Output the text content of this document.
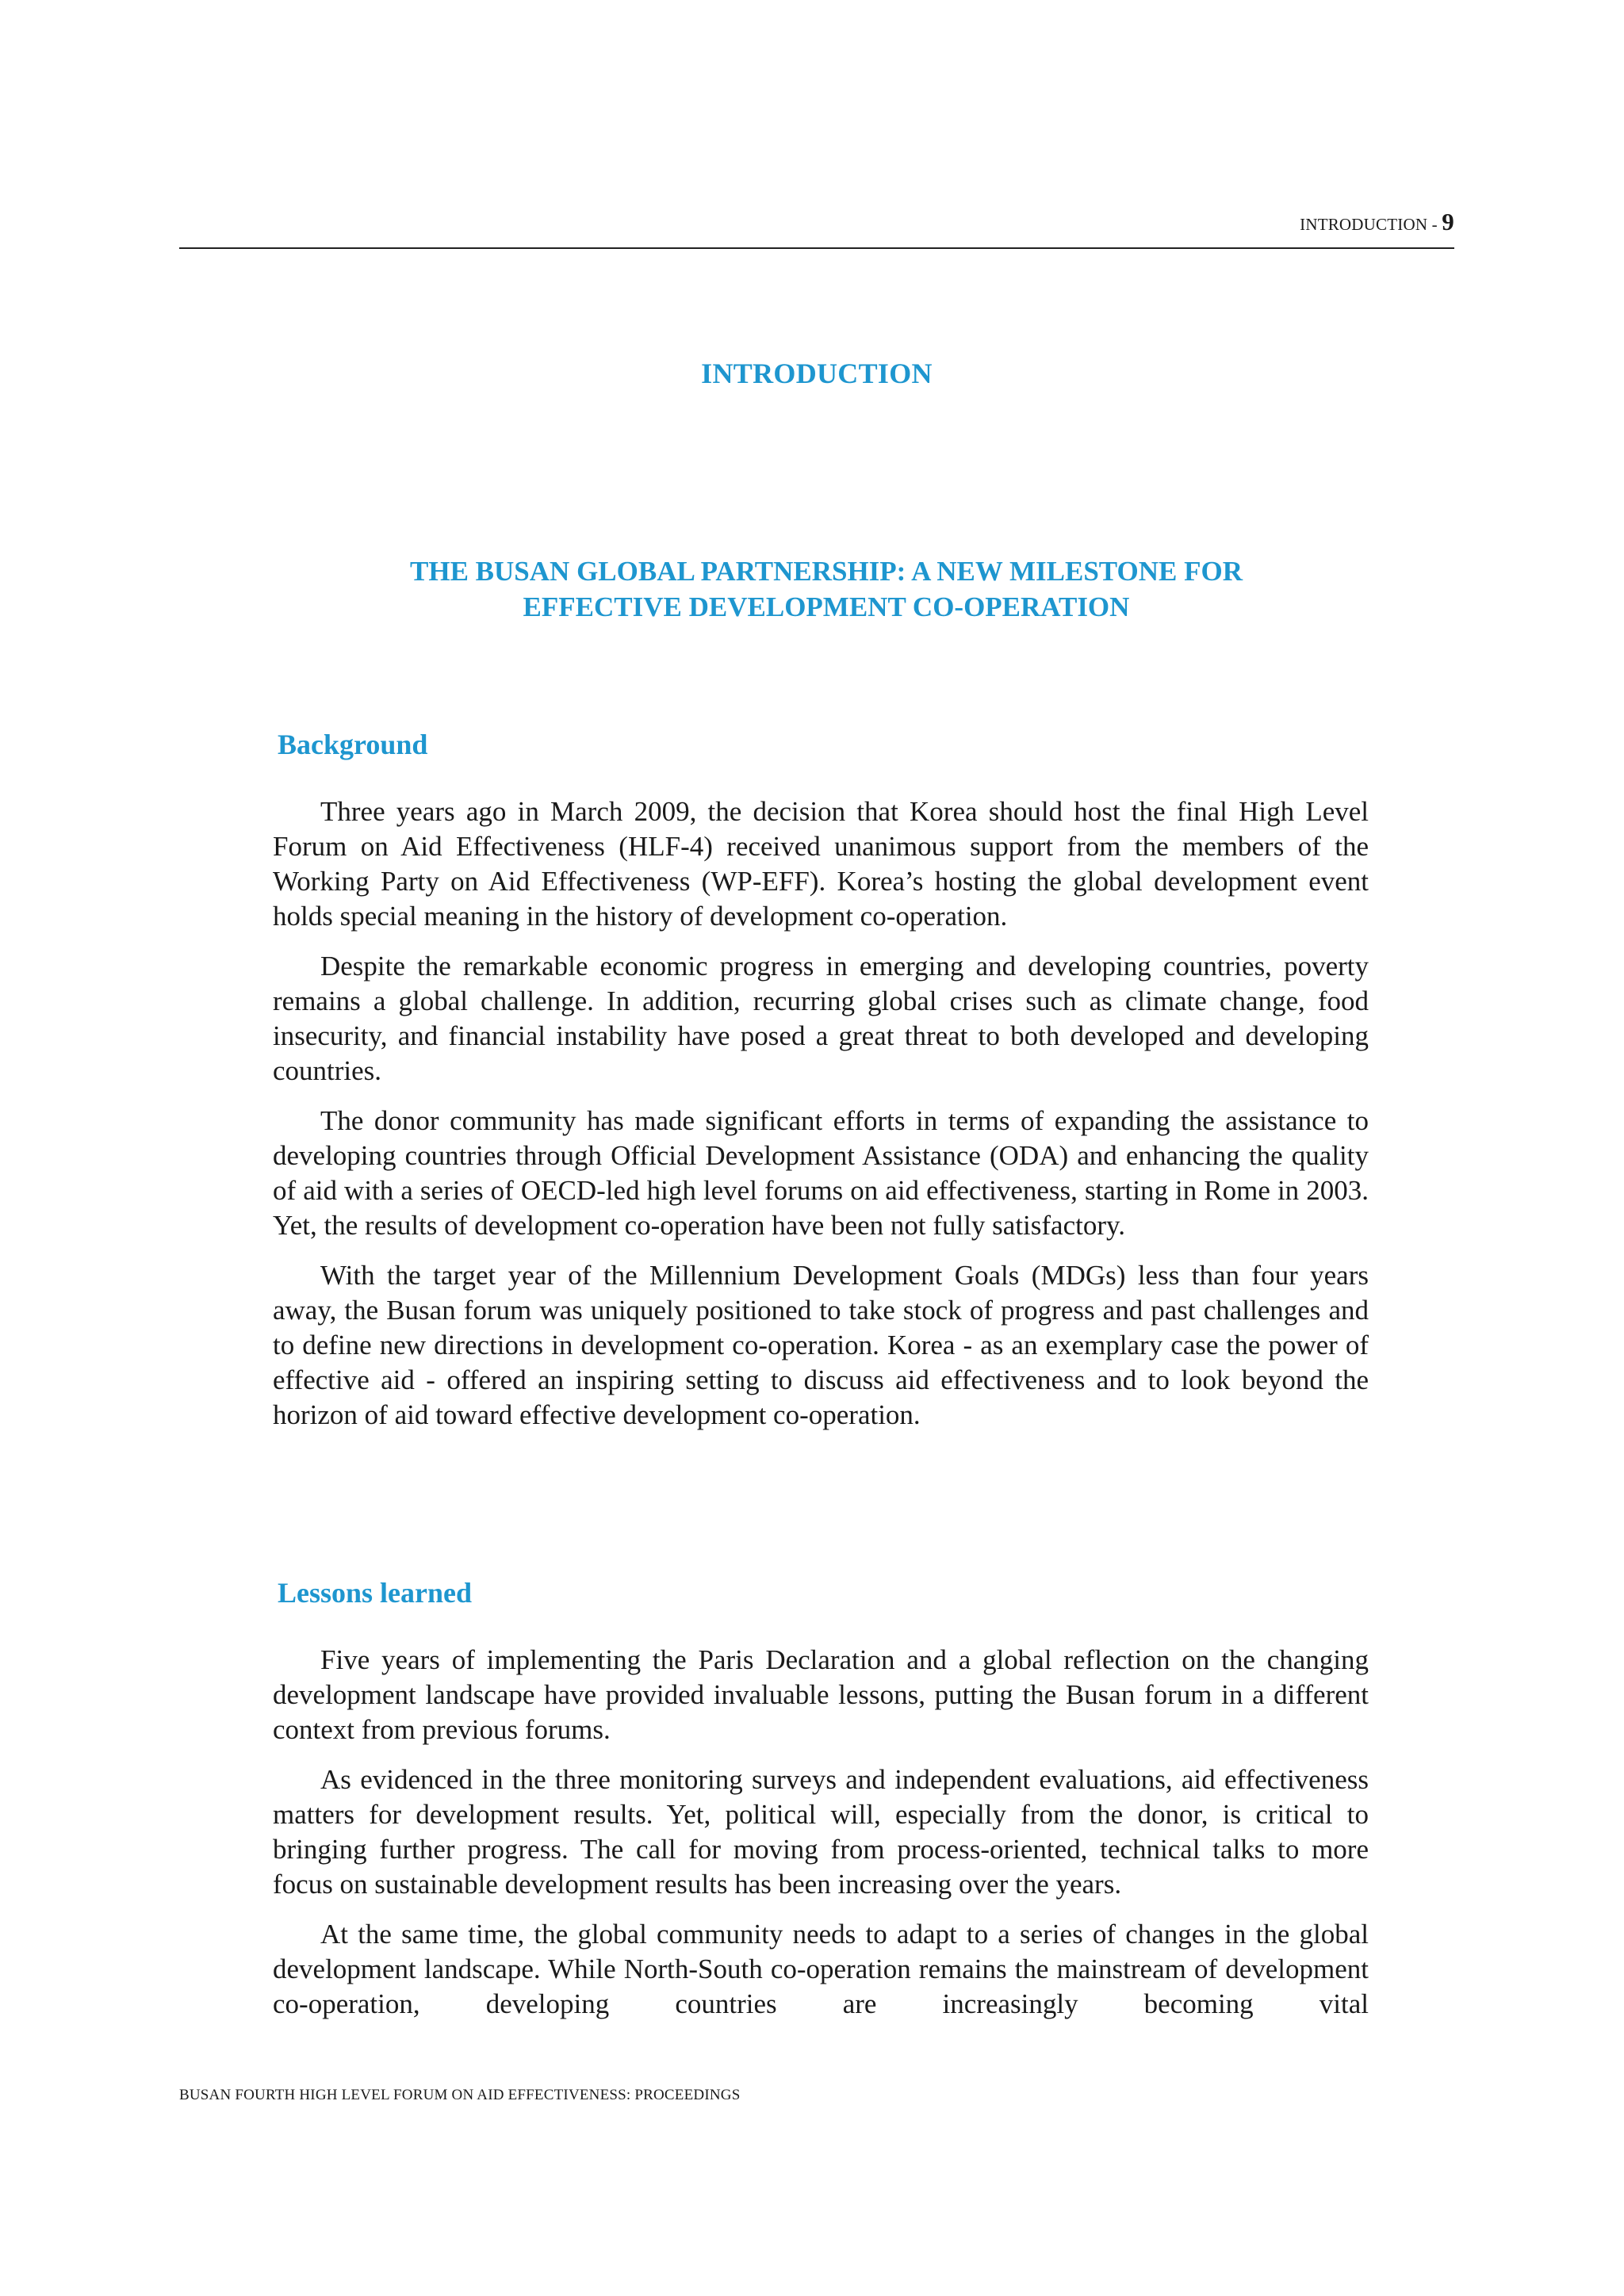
INTRODUCTION - 9
INTRODUCTION
THE BUSAN GLOBAL PARTNERSHIP: A NEW MILESTONE FOR
EFFECTIVE DEVELOPMENT CO-OPERATION
Background

Three years ago in March 2009, the decision that Korea should host the final High Level Forum on Aid Effectiveness (HLF-4) received unanimous support from the members of the Working Party on Aid Effectiveness (WP-EFF). Korea’s hosting the global development event holds special meaning in the history of development co-operation.

Despite the remarkable economic progress in emerging and developing countries, poverty remains a global challenge. In addition, recurring global crises such as climate change, food insecurity, and financial instability have posed a great threat to both developed and developing countries.

The donor community has made significant efforts in terms of expanding the assistance to developing countries through Official Development Assistance (ODA) and enhancing the quality of aid with a series of OECD-led high level forums on aid effectiveness, starting in Rome in 2003. Yet, the results of development co-operation have been not fully satisfactory.

With the target year of the Millennium Development Goals (MDGs) less than four years away, the Busan forum was uniquely positioned to take stock of progress and past challenges and to define new directions in development co-operation. Korea - as an exemplary case the power of effective aid - offered an inspiring setting to discuss aid effectiveness and to look beyond the horizon of aid toward effective development co-operation.

Lessons learned

Five years of implementing the Paris Declaration and a global reflection on the changing development landscape have provided invaluable lessons, putting the Busan forum in a different context from previous forums.

As evidenced in the three monitoring surveys and independent evaluations, aid effectiveness matters for development results. Yet, political will, especially from the donor, is critical to bringing further progress. The call for moving from process-oriented, technical talks to more focus on sustainable development results has been increasing over the years.

At the same time, the global community needs to adapt to a series of changes in the global development landscape. While North-South co-operation remains the mainstream of development co-operation, developing countries are increasingly becoming vital

BUSAN FOURTH HIGH LEVEL FORUM ON AID EFFECTIVENESS: PROCEEDINGS
